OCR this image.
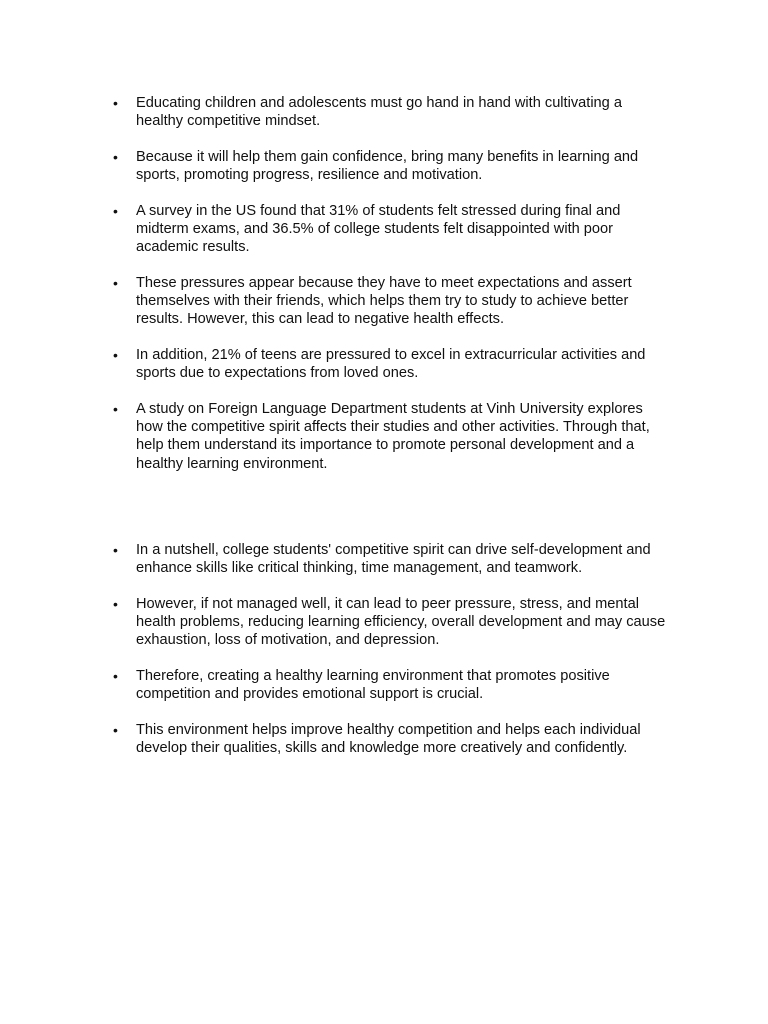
• Educating children and adolescents must go hand in hand with cultivating a healthy competitive mindset.
• Because it will help them gain confidence, bring many benefits in learning and sports, promoting progress, resilience and motivation.
• A survey in the US found that 31% of students felt stressed during final and midterm exams, and 36.5% of college students felt disappointed with poor academic results.
• These pressures appear because they have to meet expectations and assert themselves with their friends, which helps them try to study to achieve better results. However, this can lead to negative health effects.
• In addition, 21% of teens are pressured to excel in extracurricular activities and sports due to expectations from loved ones.
• A study on Foreign Language Department students at Vinh University explores how the competitive spirit affects their studies and other activities. Through that, help them understand its importance to promote personal development and a healthy learning environment.
• In a nutshell, college students' competitive spirit can drive self-development and enhance skills like critical thinking, time management, and teamwork.
• However, if not managed well, it can lead to peer pressure, stress, and mental health problems, reducing learning efficiency, overall development and may cause exhaustion, loss of motivation, and depression.
• Therefore, creating a healthy learning environment that promotes positive competition and provides emotional support is crucial.
• This environment helps improve healthy competition and helps each individual develop their qualities, skills and knowledge more creatively and confidently.
